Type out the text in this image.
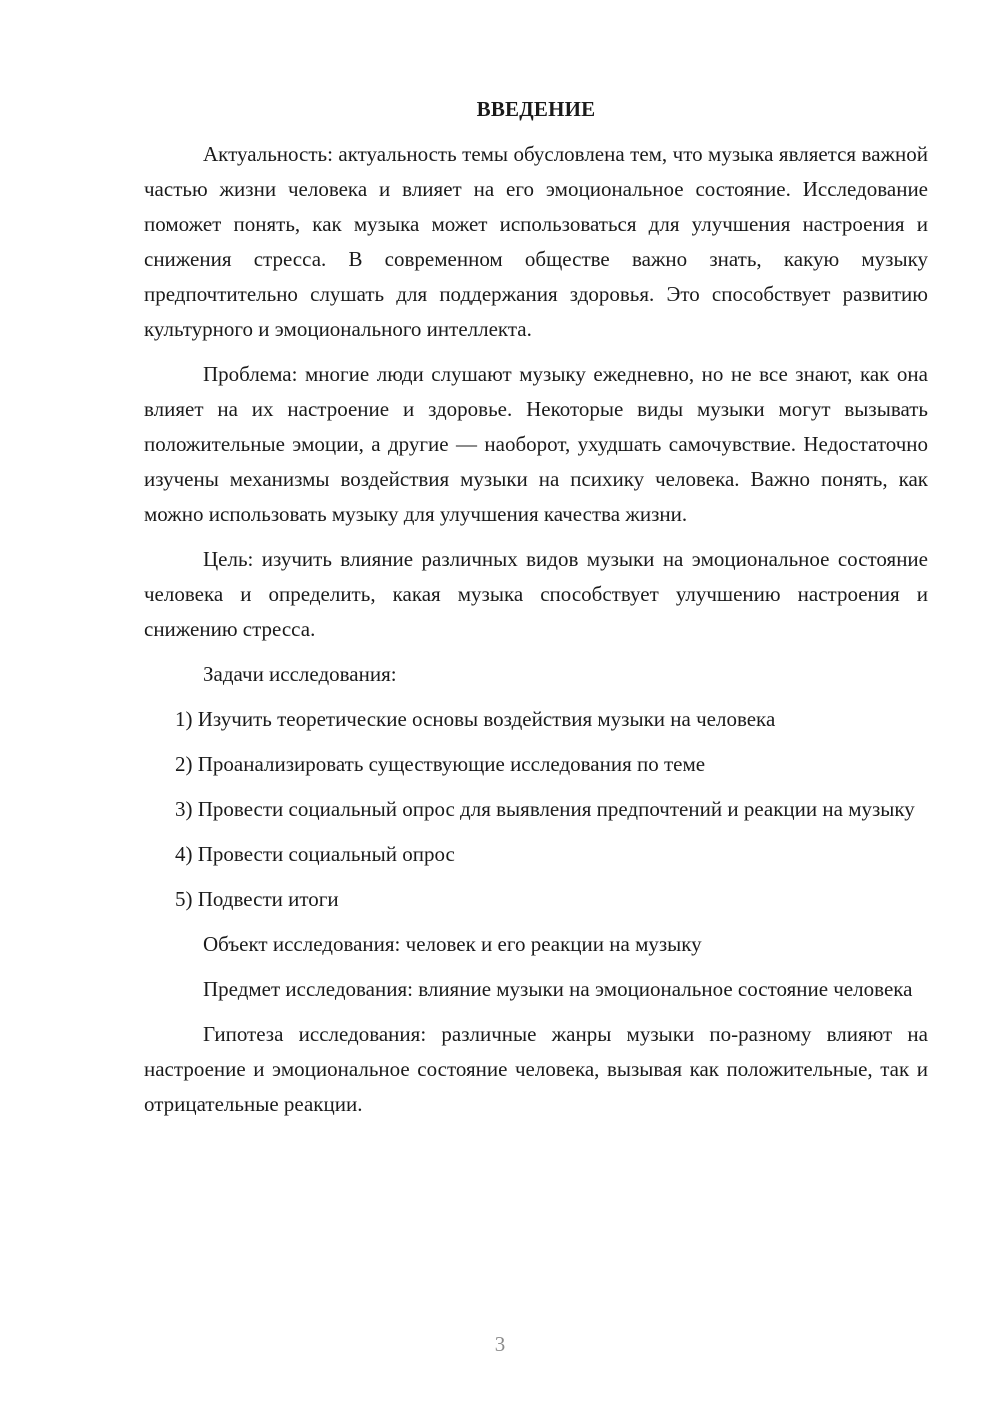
ВВЕДЕНИЕ

Актуальность: актуальность темы обусловлена тем, что музыка является важной частью жизни человека и влияет на его эмоциональное состояние. Исследование поможет понять, как музыка может использоваться для улучшения настроения и снижения стресса. В современном обществе важно знать, какую музыку предпочтительно слушать для поддержания здоровья. Это способствует развитию культурного и эмоционального интеллекта.

Проблема: многие люди слушают музыку ежедневно, но не все знают, как она влияет на их настроение и здоровье. Некоторые виды музыки могут вызывать положительные эмоции, а другие — наоборот, ухудшать самочувствие. Недостаточно изучены механизмы воздействия музыки на психику человека. Важно понять, как можно использовать музыку для улучшения качества жизни.

Цель: изучить влияние различных видов музыки на эмоциональное состояние человека и определить, какая музыка способствует улучшению настроения и снижению стресса.

Задачи исследования:

1) Изучить теоретические основы воздействия музыки на человека

2) Проанализировать существующие исследования по теме

3) Провести социальный опрос для выявления предпочтений и реакции на музыку

4) Провести социальный опрос

5) Подвести итоги

Объект исследования: человек и его реакции на музыку

Предмет исследования: влияние музыки на эмоциональное состояние человека

Гипотеза исследования: различные жанры музыки по-разному влияют на настроение и эмоциональное состояние человека, вызывая как положительные, так и отрицательные реакции.

3
